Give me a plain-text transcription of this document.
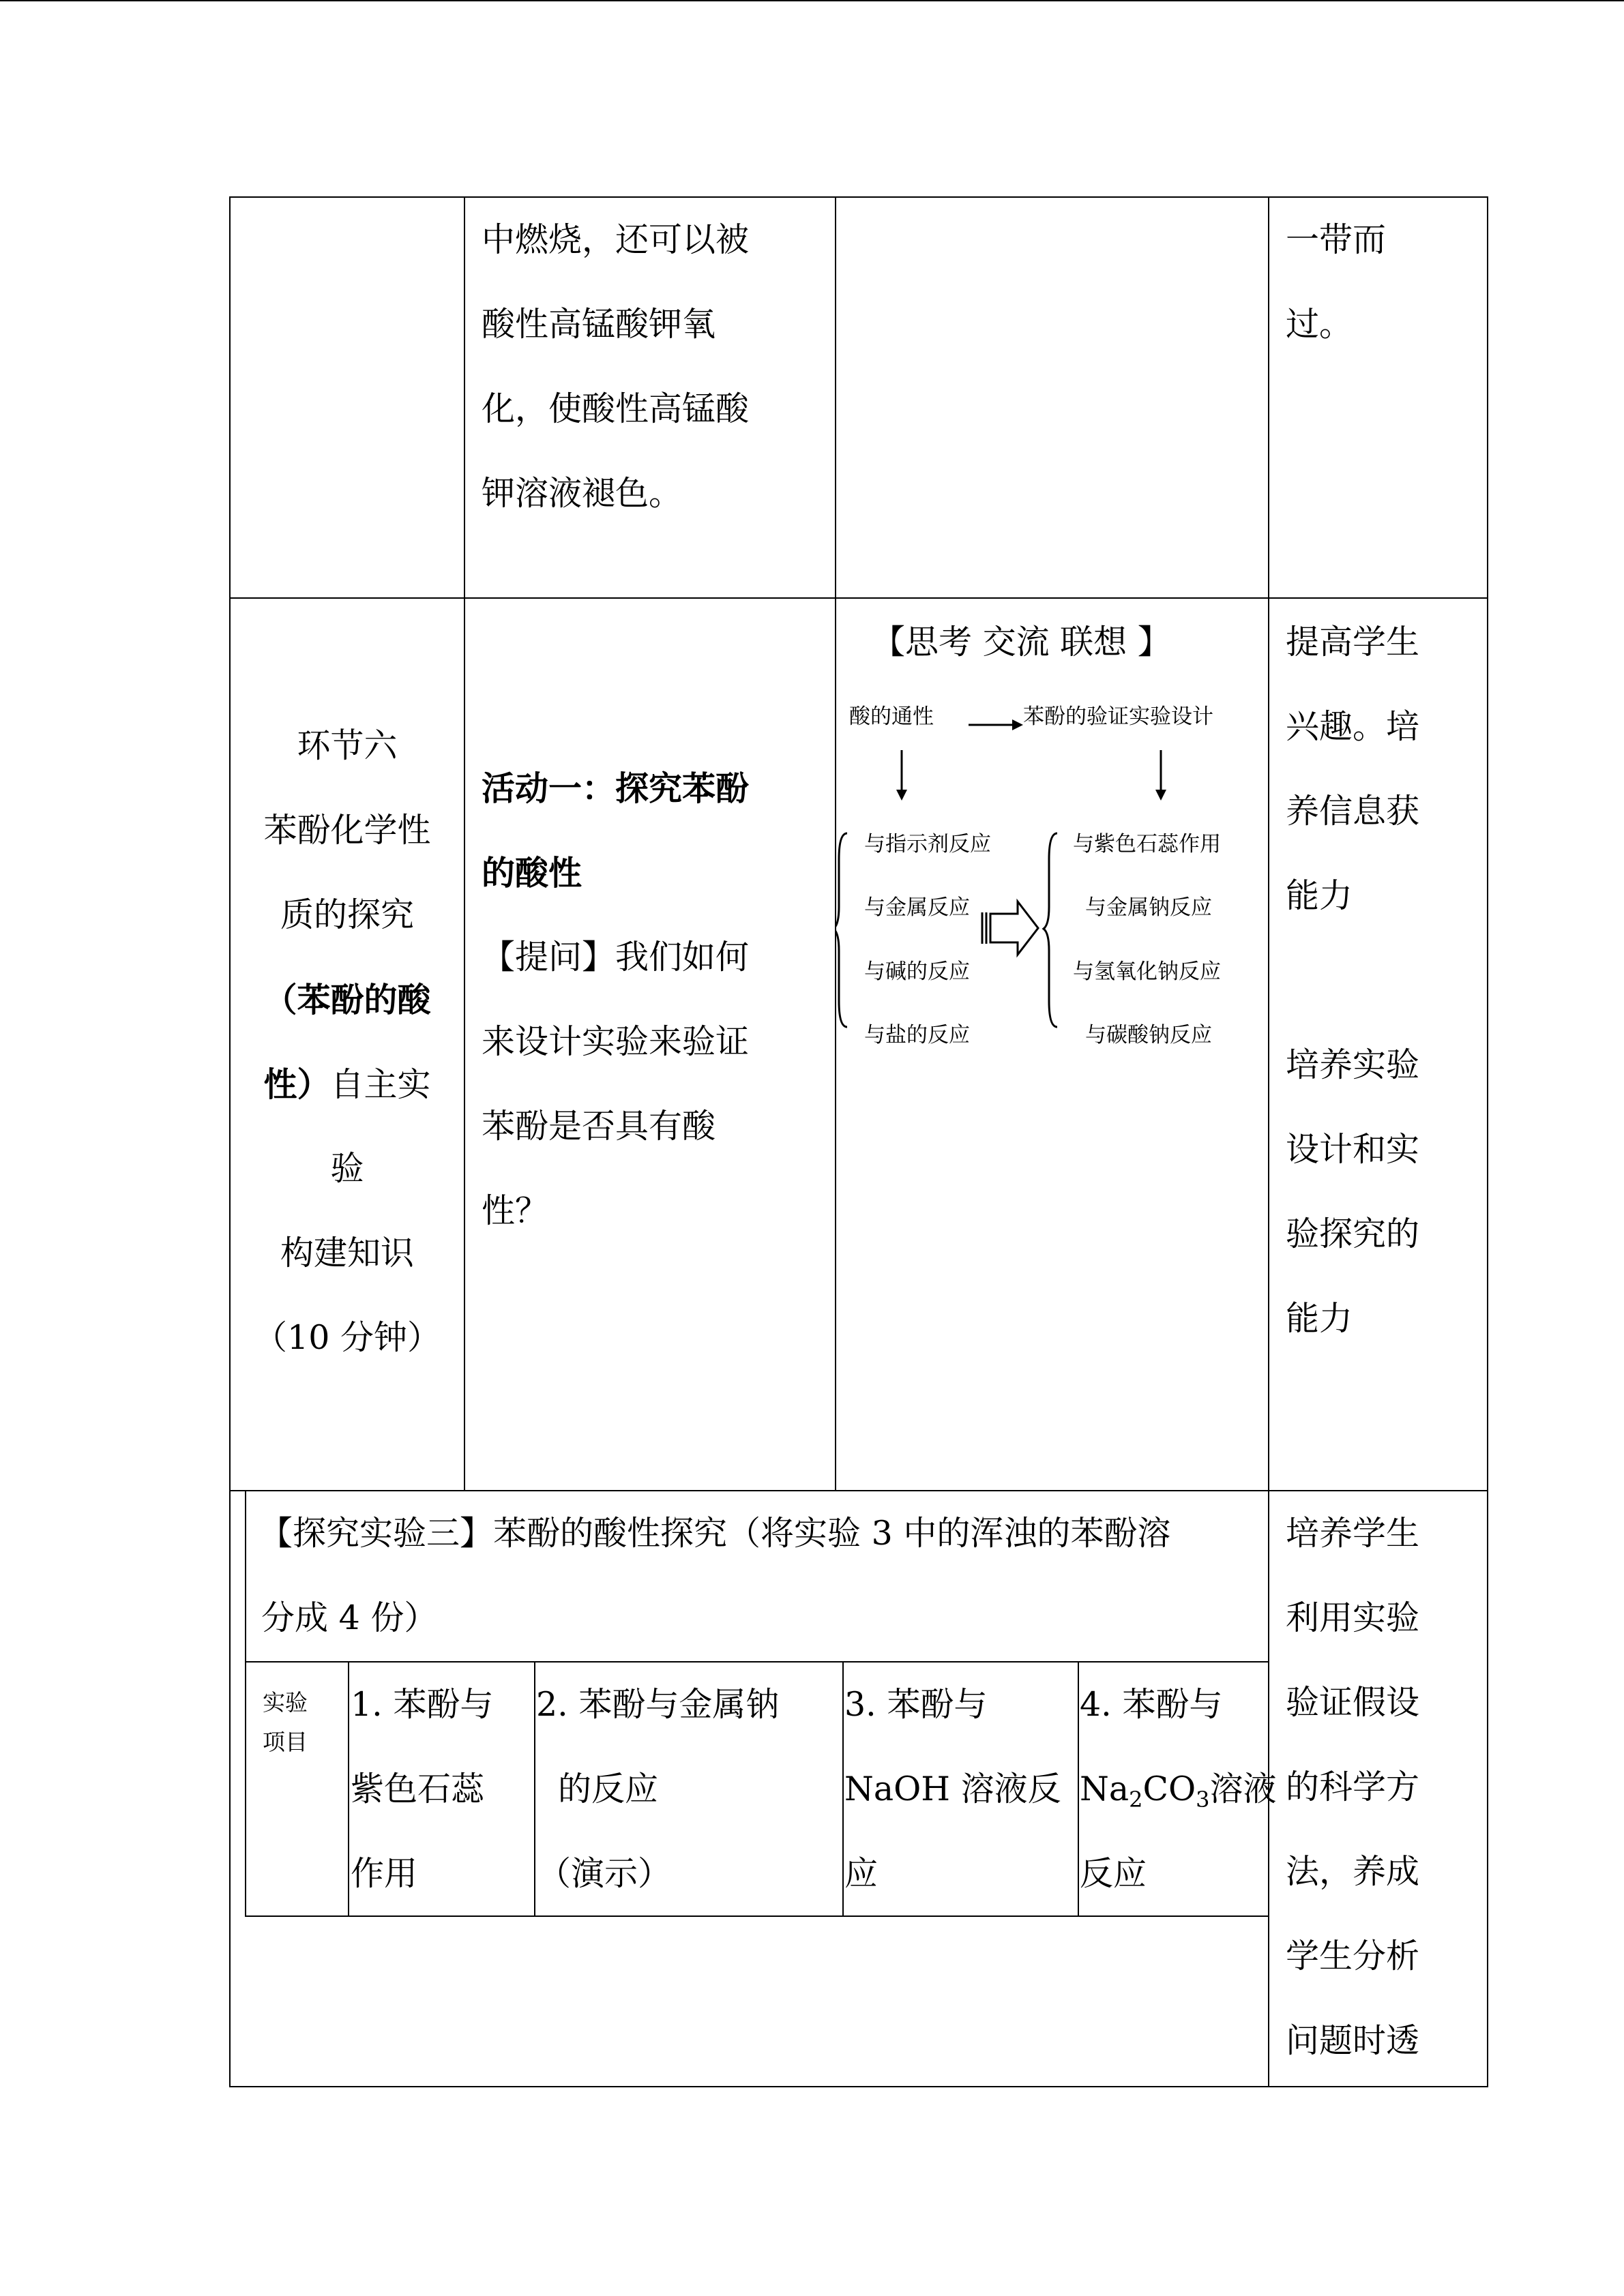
中燃烧，还可以被
酸性高锰酸钾氧
化，使酸性高锰酸
钾溶液褪色。
一带而
过。
环节六
苯酚化学性
质的探究
（苯酚的酸
性）自主实
验
构建知识
（10 分钟）
活动一：探究苯酚
的酸性
【提问】我们如何
来设计实验来验证
苯酚是否具有酸
性？
【思考 交流 联想 】
酸的通性	苯酚的验证实验设计
与指示剂反应
与金属反应
与碱的反应
与盐的反应
与紫色石蕊作用
与金属钠反应
与氢氧化钠反应
与碳酸钠反应
提高学生
兴趣。培
养信息获
能力
培养实验
设计和实
验探究的
能力
【探究实验三】苯酚的酸性探究（将实验 3 中的浑浊的苯酚溶
分成 4 份）
实验
项目
1. 苯酚与
紫色石蕊
作用
2. 苯酚与金属钠
的反应
（演示）
3. 苯酚与
NaOH 溶液反
应
4. 苯酚与
$Na_2CO_3$溶液
反应
培养学生
利用实验
验证假设
的科学方
法，养成
学生分析
问题时透
